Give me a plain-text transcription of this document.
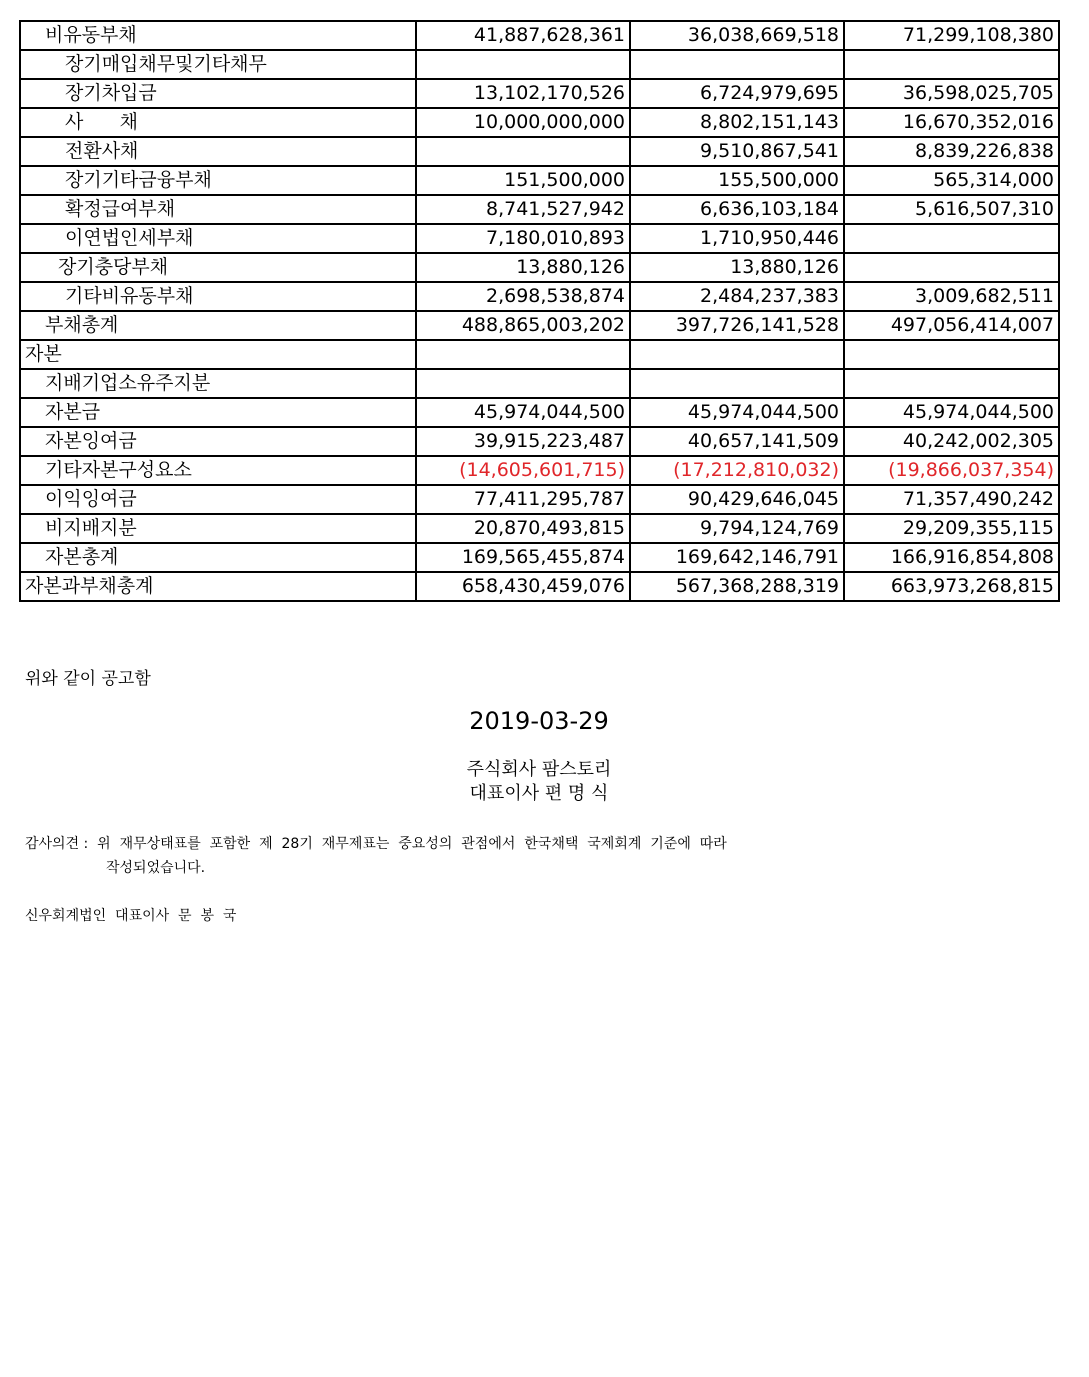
비유동부채	41,887,628,361	36,038,669,518	71,299,108,380
장기매입채무및기타채무			
장기차입금	13,102,170,526	6,724,979,695	36,598,025,705
사      채	10,000,000,000	8,802,151,143	16,670,352,016
전환사채		9,510,867,541	8,839,226,838
장기기타금융부채	151,500,000	155,500,000	565,314,000
확정급여부채	8,741,527,942	6,636,103,184	5,616,507,310
이연법인세부채	7,180,010,893	1,710,950,446	
장기충당부채	13,880,126	13,880,126	
기타비유동부채	2,698,538,874	2,484,237,383	3,009,682,511
부채총계	488,865,003,202	397,726,141,528	497,056,414,007
자본			
지배기업소유주지분			
자본금	45,974,044,500	45,974,044,500	45,974,044,500
자본잉여금	39,915,223,487	40,657,141,509	40,242,002,305
기타자본구성요소	(14,605,601,715)	(17,212,810,032)	(19,866,037,354)
이익잉여금	77,411,295,787	90,429,646,045	71,357,490,242
비지배지분	20,870,493,815	9,794,124,769	29,209,355,115
자본총계	169,565,455,874	169,642,146,791	166,916,854,808
자본과부채총계	658,430,459,076	567,368,288,319	663,973,268,815
위와 같이 공고함
2019-03-29
주식회사 팜스토리
대표이사 편 명 식
감사의견 :  위  재무상태표를  포함한  제  28기  재무제표는  중요성의  관점에서  한국채택  국제회계  기준에  따라
작성되었습니다.
신우회계법인  대표이사  문  봉  국
